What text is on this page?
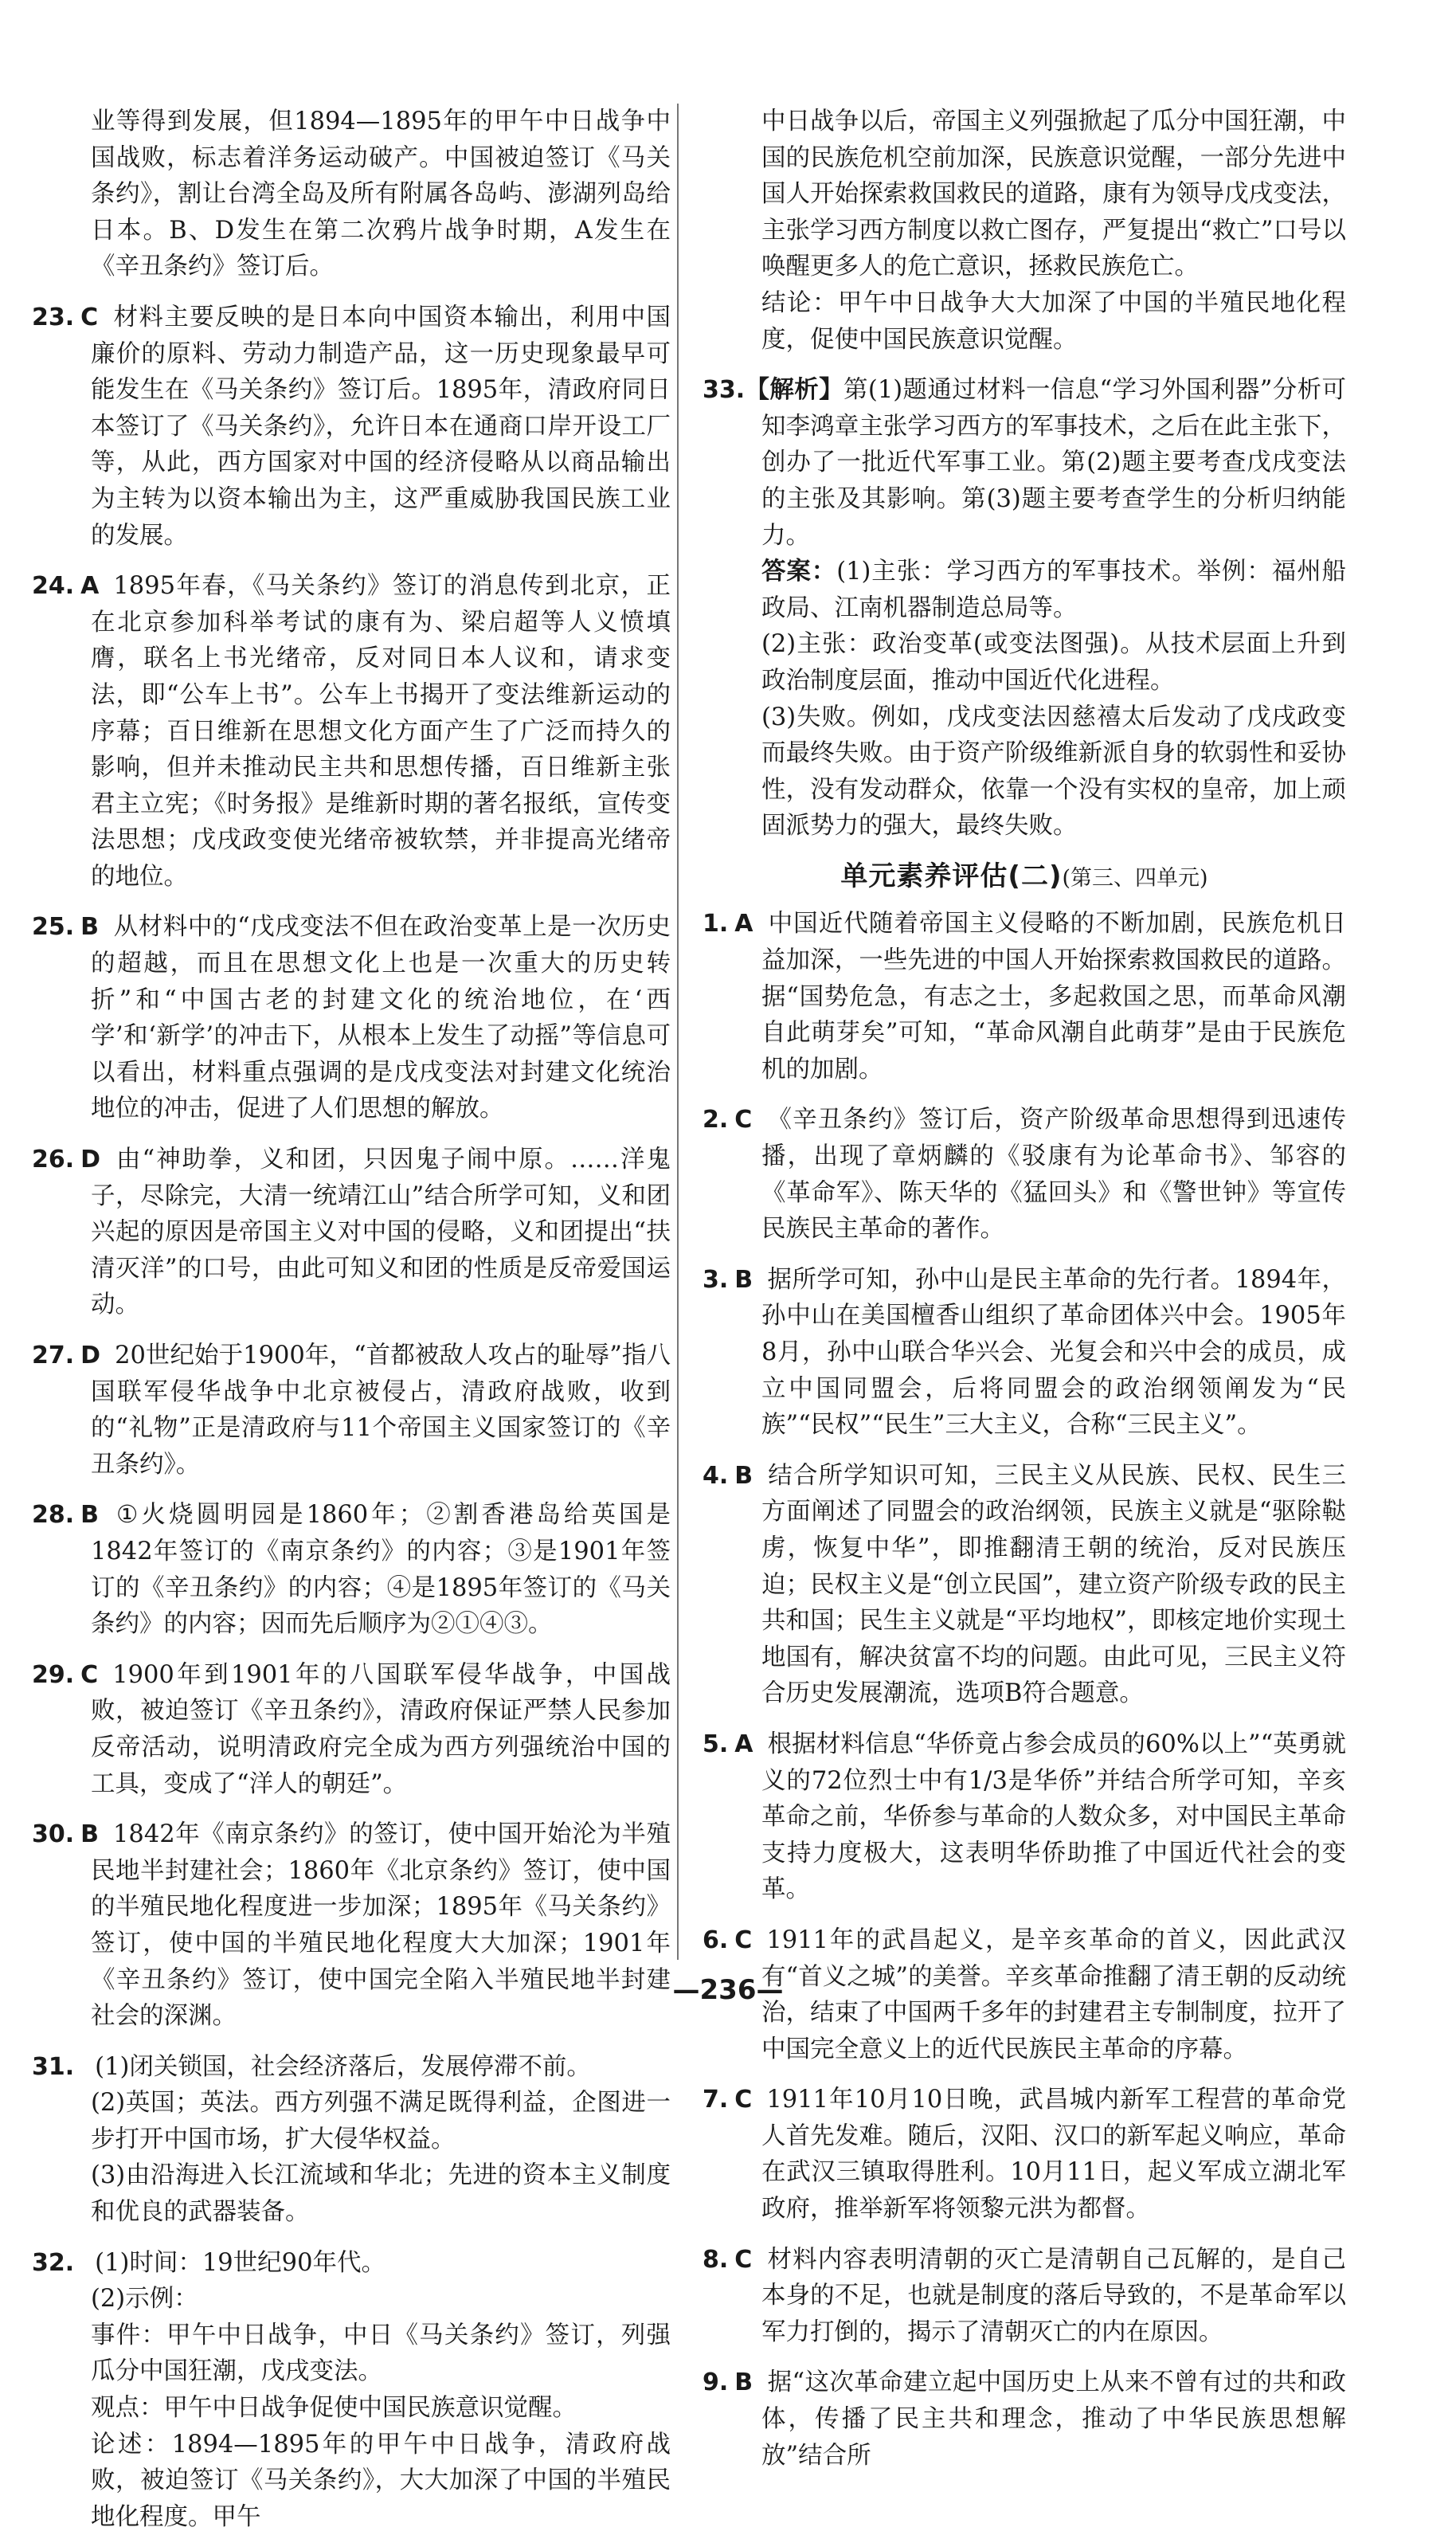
业等得到发展，但1894—1895年的甲午中日战争中国战败，标志着洋务运动破产。中国被迫签订《马关条约》，割让台湾全岛及所有附属各岛屿、澎湖列岛给日本。B、D发生在第二次鸦片战争时期，A发生在《辛丑条约》签订后。

23. C 材料主要反映的是日本向中国资本输出，利用中国廉价的原料、劳动力制造产品，这一历史现象最早可能发生在《马关条约》签订后。1895年，清政府同日本签订了《马关条约》，允许日本在通商口岸开设工厂等，从此，西方国家对中国的经济侵略从以商品输出为主转为以资本输出为主，这严重威胁我国民族工业的发展。

24. A 1895年春，《马关条约》签订的消息传到北京，正在北京参加科举考试的康有为、梁启超等人义愤填膺，联名上书光绪帝，反对同日本人议和，请求变法，即“公车上书”。公车上书揭开了变法维新运动的序幕；百日维新在思想文化方面产生了广泛而持久的影响，但并未推动民主共和思想传播，百日维新主张君主立宪；《时务报》是维新时期的著名报纸，宣传变法思想；戊戌政变使光绪帝被软禁，并非提高光绪帝的地位。

25. B 从材料中的“戊戌变法不但在政治变革上是一次历史的超越，而且在思想文化上也是一次重大的历史转折”和“中国古老的封建文化的统治地位，在‘西学’和‘新学’的冲击下，从根本上发生了动摇”等信息可以看出，材料重点强调的是戊戌变法对封建文化统治地位的冲击，促进了人们思想的解放。

26. D 由“神助拳，义和团，只因鬼子闹中原。……洋鬼子，尽除完，大清一统靖江山”结合所学可知，义和团兴起的原因是帝国主义对中国的侵略，义和团提出“扶清灭洋”的口号，由此可知义和团的性质是反帝爱国运动。

27. D 20世纪始于1900年，“首都被敌人攻占的耻辱”指八国联军侵华战争中北京被侵占，清政府战败，收到的“礼物”正是清政府与11个帝国主义国家签订的《辛丑条约》。

28. B ①火烧圆明园是1860年；②割香港岛给英国是1842年签订的《南京条约》的内容；③是1901年签订的《辛丑条约》的内容；④是1895年签订的《马关条约》的内容；因而先后顺序为②①④③。

29. C 1900年到1901年的八国联军侵华战争，中国战败，被迫签订《辛丑条约》，清政府保证严禁人民参加反帝活动，说明清政府完全成为西方列强统治中国的工具，变成了“洋人的朝廷”。

30. B 1842年《南京条约》的签订，使中国开始沦为半殖民地半封建社会；1860年《北京条约》签订，使中国的半殖民地化程度进一步加深；1895年《马关条约》签订，使中国的半殖民地化程度大大加深；1901年《辛丑条约》签订，使中国完全陷入半殖民地半封建社会的深渊。

31. (1)闭关锁国，社会经济落后，发展停滞不前。

(2)英国；英法。西方列强不满足既得利益，企图进一步打开中国市场，扩大侵华权益。

(3)由沿海进入长江流域和华北；先进的资本主义制度和优良的武器装备。

32. (1)时间：19世纪90年代。

(2)示例：

事件：甲午中日战争，中日《马关条约》签订，列强瓜分中国狂潮，戊戌变法。

观点：甲午中日战争促使中国民族意识觉醒。

论述：1894—1895年的甲午中日战争，清政府战败，被迫签订《马关条约》，大大加深了中国的半殖民地化程度。甲午

中日战争以后，帝国主义列强掀起了瓜分中国狂潮，中国的民族危机空前加深，民族意识觉醒，一部分先进中国人开始探索救国救民的道路，康有为领导戊戌变法，主张学习西方制度以救亡图存，严复提出“救亡”口号以唤醒更多人的危亡意识，拯救民族危亡。

结论：甲午中日战争大大加深了中国的半殖民地化程度，促使中国民族意识觉醒。

33.【解析】第(1)题通过材料一信息“学习外国利器”分析可知李鸿章主张学习西方的军事技术，之后在此主张下，创办了一批近代军事工业。第(2)题主要考查戊戌变法的主张及其影响。第(3)题主要考查学生的分析归纳能力。

答案：(1)主张：学习西方的军事技术。举例：福州船政局、江南机器制造总局等。

(2)主张：政治变革(或变法图强)。从技术层面上升到政治制度层面，推动中国近代化进程。

(3)失败。例如，戊戌变法因慈禧太后发动了戊戌政变而最终失败。由于资产阶级维新派自身的软弱性和妥协性，没有发动群众，依靠一个没有实权的皇帝，加上顽固派势力的强大，最终失败。

单元素养评估(二)(第三、四单元)

1. A 中国近代随着帝国主义侵略的不断加剧，民族危机日益加深，一些先进的中国人开始探索救国救民的道路。据“国势危急，有志之士，多起救国之思，而革命风潮自此萌芽矣”可知，“革命风潮自此萌芽”是由于民族危机的加剧。

2. C 《辛丑条约》签订后，资产阶级革命思想得到迅速传播，出现了章炳麟的《驳康有为论革命书》、邹容的《革命军》、陈天华的《猛回头》和《警世钟》等宣传民族民主革命的著作。

3. B 据所学可知，孙中山是民主革命的先行者。1894年，孙中山在美国檀香山组织了革命团体兴中会。1905年8月，孙中山联合华兴会、光复会和兴中会的成员，成立中国同盟会，后将同盟会的政治纲领阐发为“民族”“民权”“民生”三大主义，合称“三民主义”。

4. B 结合所学知识可知，三民主义从民族、民权、民生三方面阐述了同盟会的政治纲领，民族主义就是“驱除鞑虏，恢复中华”，即推翻清王朝的统治，反对民族压迫；民权主义是“创立民国”，建立资产阶级专政的民主共和国；民生主义就是“平均地权”，即核定地价实现土地国有，解决贫富不均的问题。由此可见，三民主义符合历史发展潮流，选项B符合题意。

5. A 根据材料信息“华侨竟占参会成员的60%以上”“英勇就义的72位烈士中有1/3是华侨”并结合所学可知，辛亥革命之前，华侨参与革命的人数众多，对中国民主革命支持力度极大，这表明华侨助推了中国近代社会的变革。

6. C 1911年的武昌起义，是辛亥革命的首义，因此武汉有“首义之城”的美誉。辛亥革命推翻了清王朝的反动统治，结束了中国两千多年的封建君主专制制度，拉开了中国完全意义上的近代民族民主革命的序幕。

7. C 1911年10月10日晚，武昌城内新军工程营的革命党人首先发难。随后，汉阳、汉口的新军起义响应，革命在武汉三镇取得胜利。10月11日，起义军成立湖北军政府，推举新军将领黎元洪为都督。

8. C 材料内容表明清朝的灭亡是清朝自己瓦解的，是自己本身的不足，也就是制度的落后导致的，不是革命军以军力打倒的，揭示了清朝灭亡的内在原因。

9. B 据“这次革命建立起中国历史上从来不曾有过的共和政体，传播了民主共和理念，推动了中华民族思想解放”结合所

—236—
